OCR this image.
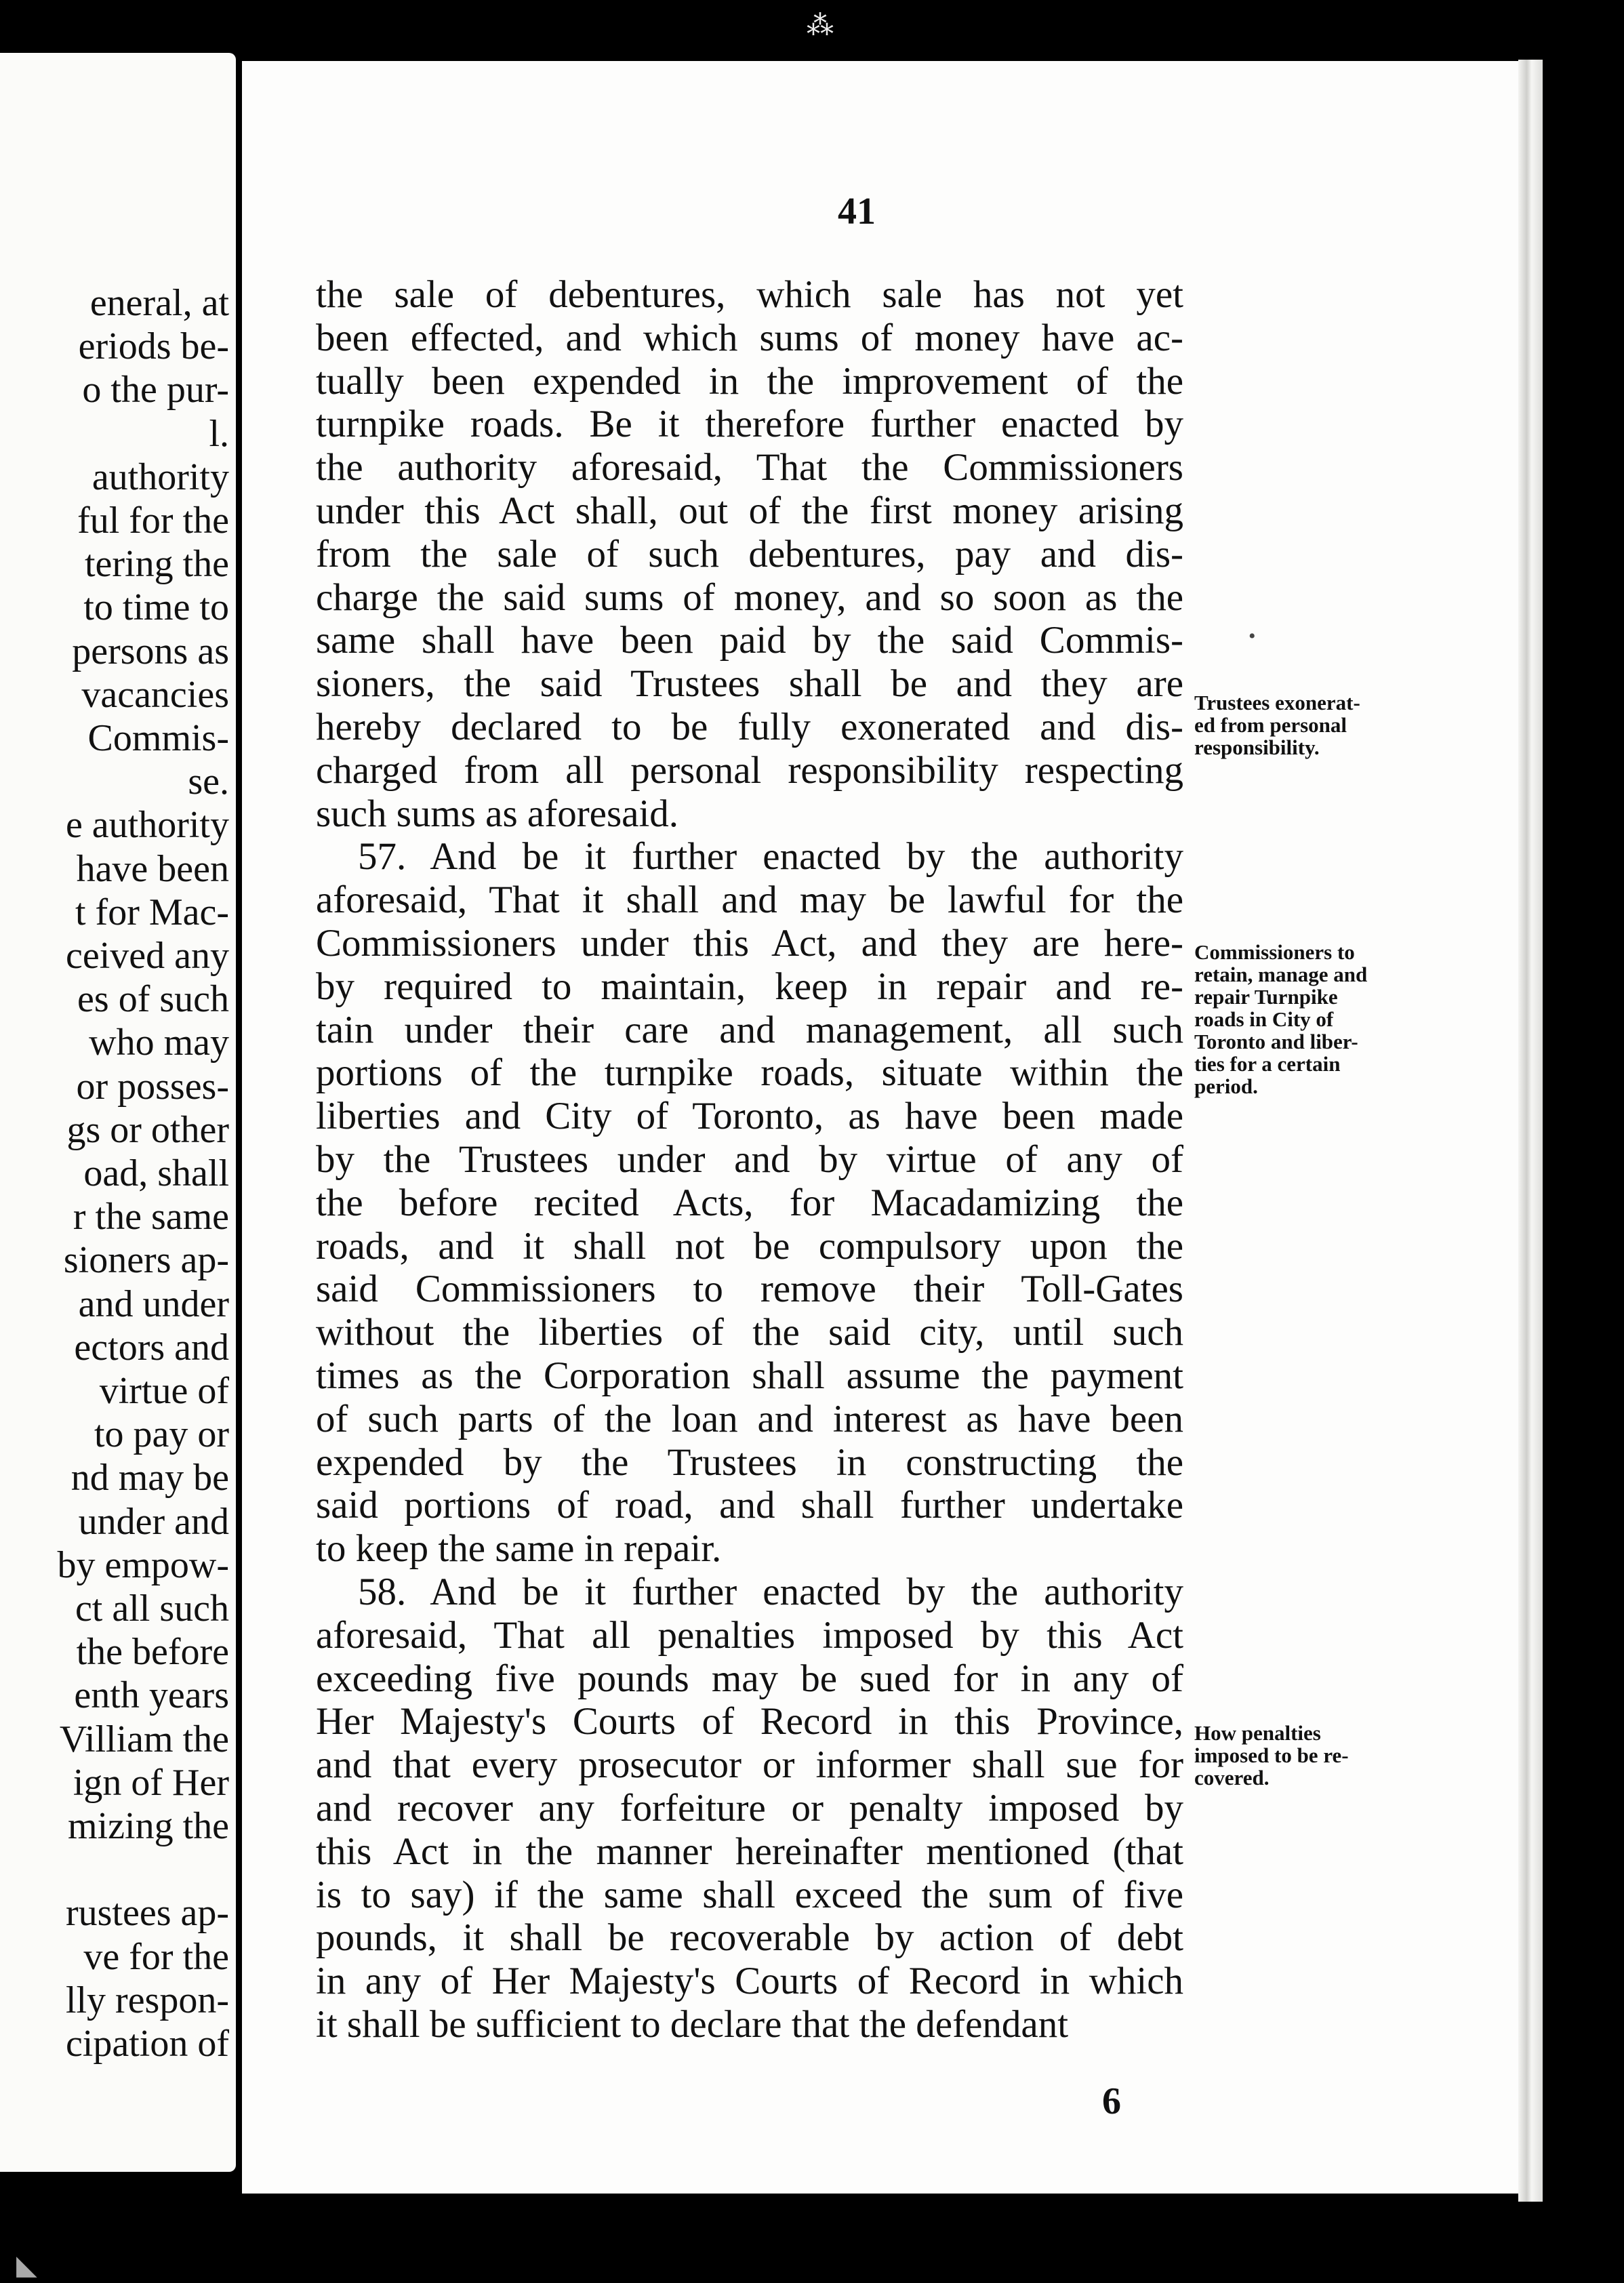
eneral, at
eriods be-
o the pur-
l.
authority
ful for the
tering the
to time to
persons as
vacancies
Commis-
se.
e authority
have been
t for Mac-
ceived any
es of such
who may
or posses-
gs or other
oad, shall
r the same
sioners ap-
and under
ectors and
virtue of
to pay or
nd may be
under and
by empow-
ct all such
the before
enth years
Villiam the
ign of Her
mizing the
rustees ap-
ve for the
lly respon-
cipation of
⁂
◣
41
the sale of debentures, which sale has not yet
been effected, and which sums of money have ac-
tually been expended in the improvement of the
turnpike roads. Be it therefore further enacted by
the authority aforesaid, That the Commissioners
under this Act shall, out of the first money arising
from the sale of such debentures, pay and dis-
charge the said sums of money, and so soon as the
same shall have been paid by the said Commis-
sioners, the said Trustees shall be and they are
hereby declared to be fully exonerated and dis-
charged from all personal responsibility respecting
such sums as aforesaid.
57. And be it further enacted by the authority
aforesaid, That it shall and may be lawful for the
Commissioners under this Act, and they are here-
by required to maintain, keep in repair and re-
tain under their care and management, all such
portions of the turnpike roads, situate within the
liberties and City of Toronto, as have been made
by the Trustees under and by virtue of any of
the before recited Acts, for Macadamizing the
roads, and it shall not be compulsory upon the
said Commissioners to remove their Toll-Gates
without the liberties of the said city, until such
times as the Corporation shall assume the payment
of such parts of the loan and interest as have been
expended by the Trustees in constructing the
said portions of road, and shall further undertake
to keep the same in repair.
58. And be it further enacted by the authority
aforesaid, That all penalties imposed by this Act
exceeding five pounds may be sued for in any of
Her Majesty's Courts of Record in this Province,
and that every prosecutor or informer shall sue for
and recover any forfeiture or penalty imposed by
this Act in the manner hereinafter mentioned (that
is to say) if the same shall exceed the sum of five
pounds, it shall be recoverable by action of debt
in any of Her Majesty's Courts of Record in which
it shall be sufficient to declare that the defendant
Trustees exonerat-
ed from personal
responsibility.
Commissioners to
retain, manage and
repair Turnpike
roads in City of
Toronto and liber-
ties for a certain
period.
How penalties
imposed to be re-
covered.
•
6
